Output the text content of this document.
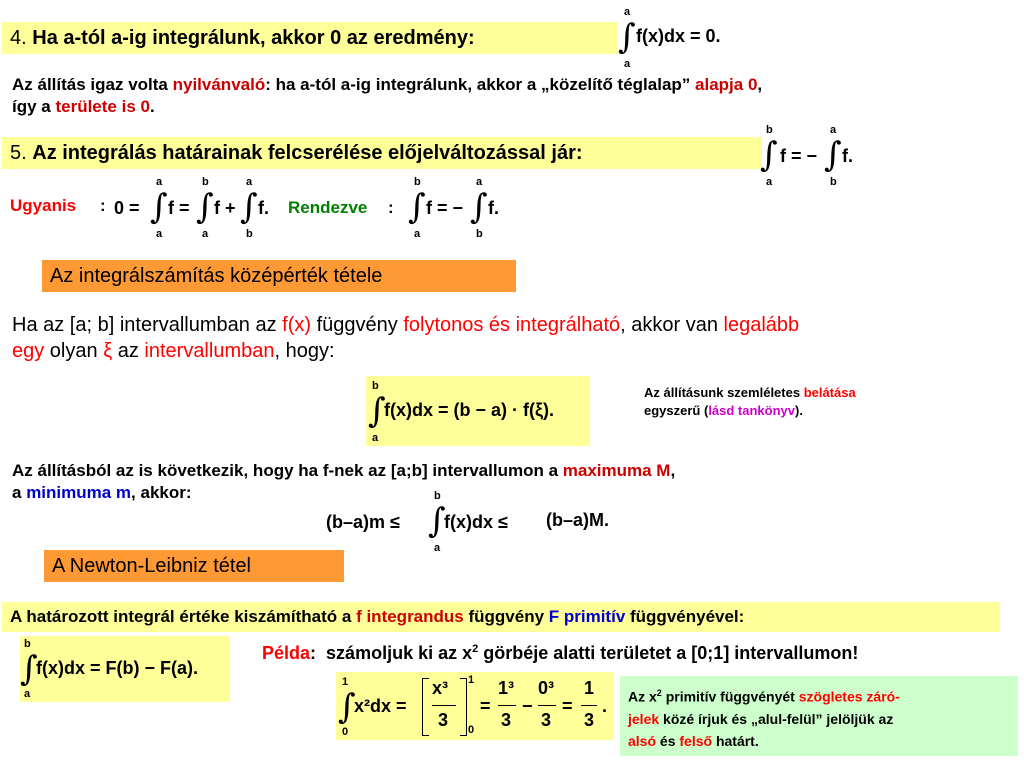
4. Ha a-tól a-ig integrálunk, akkor 0 az eredmény:
a
∫
a
f(x)dx = 0.
Az állítás igaz volta nyilvánvaló: ha a-tól a-ig integrálunk, akkor a „közelítő téglalap” alapja 0,
így a területe is 0.
5. Az integrálás határainak felcserélése előjelváltozással jár:
b
∫
a
f = −
a
∫
b
f.
Ugyanis : 0 =
a
∫
a
f =
b
∫
a
f +
a
∫
b
f. Rendezve :
b
∫
a
f = −
a
∫
b
f.
Az integrálszámítás középérték tétele
Ha az [a; b] intervallumban az f(x) függvény folytonos és integrálható, akkor van legalább
egy olyan ξ az intervallumban, hogy:
b
∫
a
f(x)dx = (b − a) · f(ξ).
Az állításunk szemléletes belátása
egyszerű (lásd tankönyv).
Az állításból az is következik, hogy ha f-nek az [a;b] intervallumon a maximuma M,
a minimuma m, akkor:
(b–a)m ≤
b
∫
a
f(x)dx ≤ (b–a)M.
A Newton-Leibniz tétel
A határozott integrál értéke kiszámítható a f integrandus függvény F primitív függvényével:
b
∫
a
f(x)dx = F(b) − F(a).
Példa: számoljuk ki az $x^2$ görbéje alatti területet a [0;1] intervallumon!
1
∫
0
x²dx =
x³
3
1
0
=
1³
3
−
0³
3
=
1
3
.	Az $x^2$ primitív függvényét szögletes záró-
jelek közé írjuk és „alul-felül” jelöljük az
alsó és felső határt.
